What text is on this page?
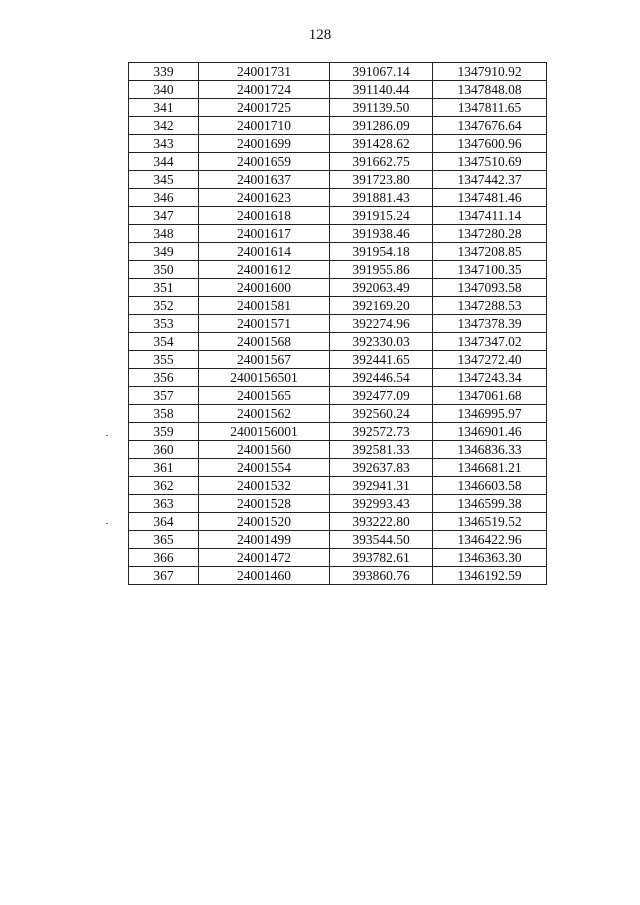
128
339	24001731	391067.14	1347910.92
340	24001724	391140.44	1347848.08
341	24001725	391139.50	1347811.65
342	24001710	391286.09	1347676.64
343	24001699	391428.62	1347600.96
344	24001659	391662.75	1347510.69
345	24001637	391723.80	1347442.37
346	24001623	391881.43	1347481.46
347	24001618	391915.24	1347411.14
348	24001617	391938.46	1347280.28
349	24001614	391954.18	1347208.85
350	24001612	391955.86	1347100.35
351	24001600	392063.49	1347093.58
352	24001581	392169.20	1347288.53
353	24001571	392274.96	1347378.39
354	24001568	392330.03	1347347.02
355	24001567	392441.65	1347272.40
356	2400156501	392446.54	1347243.34
357	24001565	392477.09	1347061.68
358	24001562	392560.24	1346995.97
359	2400156001	392572.73	1346901.46
360	24001560	392581.33	1346836.33
361	24001554	392637.83	1346681.21
362	24001532	392941.31	1346603.58
363	24001528	392993.43	1346599.38
364	24001520	393222.80	1346519.52
365	24001499	393544.50	1346422.96
366	24001472	393782.61	1346363.30
367	24001460	393860.76	1346192.59
